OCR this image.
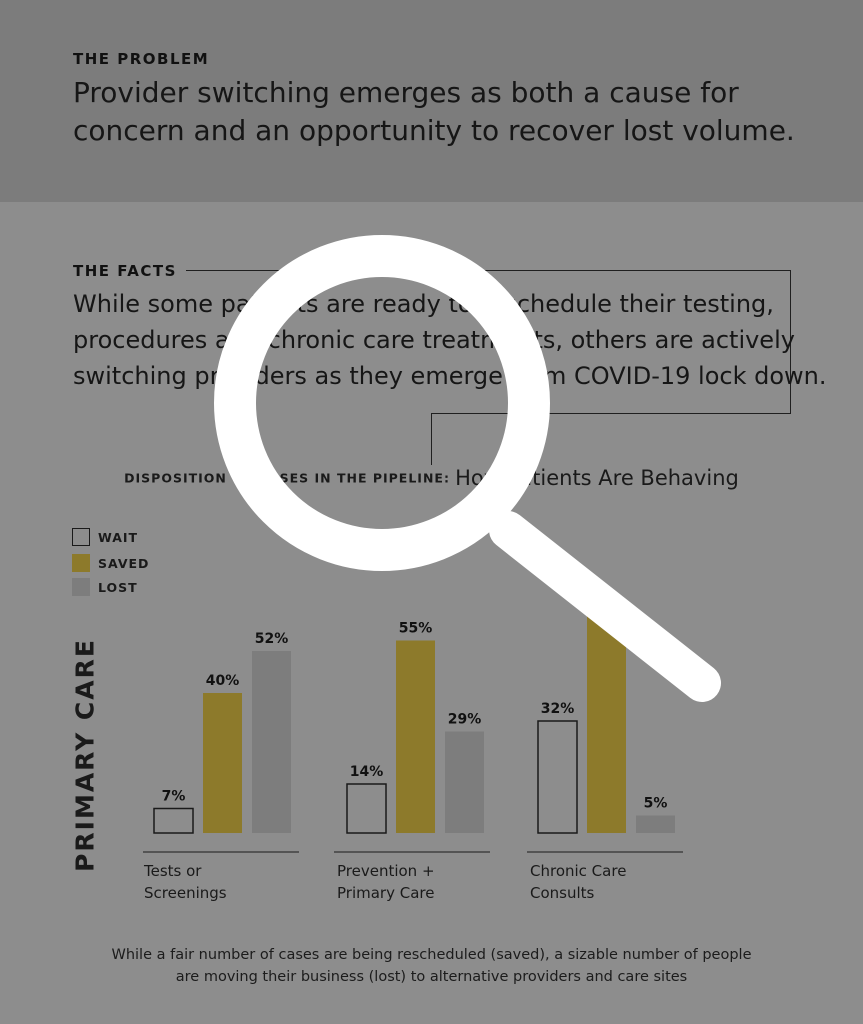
THE PROBLEM
Provider switching emerges as both a cause for
concern and an opportunity to recover lost volume.
THE FACTS
While some patients are ready to reschedule their testing,
procedures and chronic care treatments, others are actively
switching providers as they emerge from COVID-19 lock down.
DISPOSITION OF CASES IN THE PIPELINE: How Patients Are Behaving
WAIT
SAVED
LOST
PRIMARY CARE	7%
14%
32%
40%
55%
52%
29%
5%
Tests or
Screenings
Prevention +
Primary Care
Chronic Care
Consults
While a fair number of cases are being rescheduled (saved), a sizable number of people
are moving their business (lost) to alternative providers and care sites
